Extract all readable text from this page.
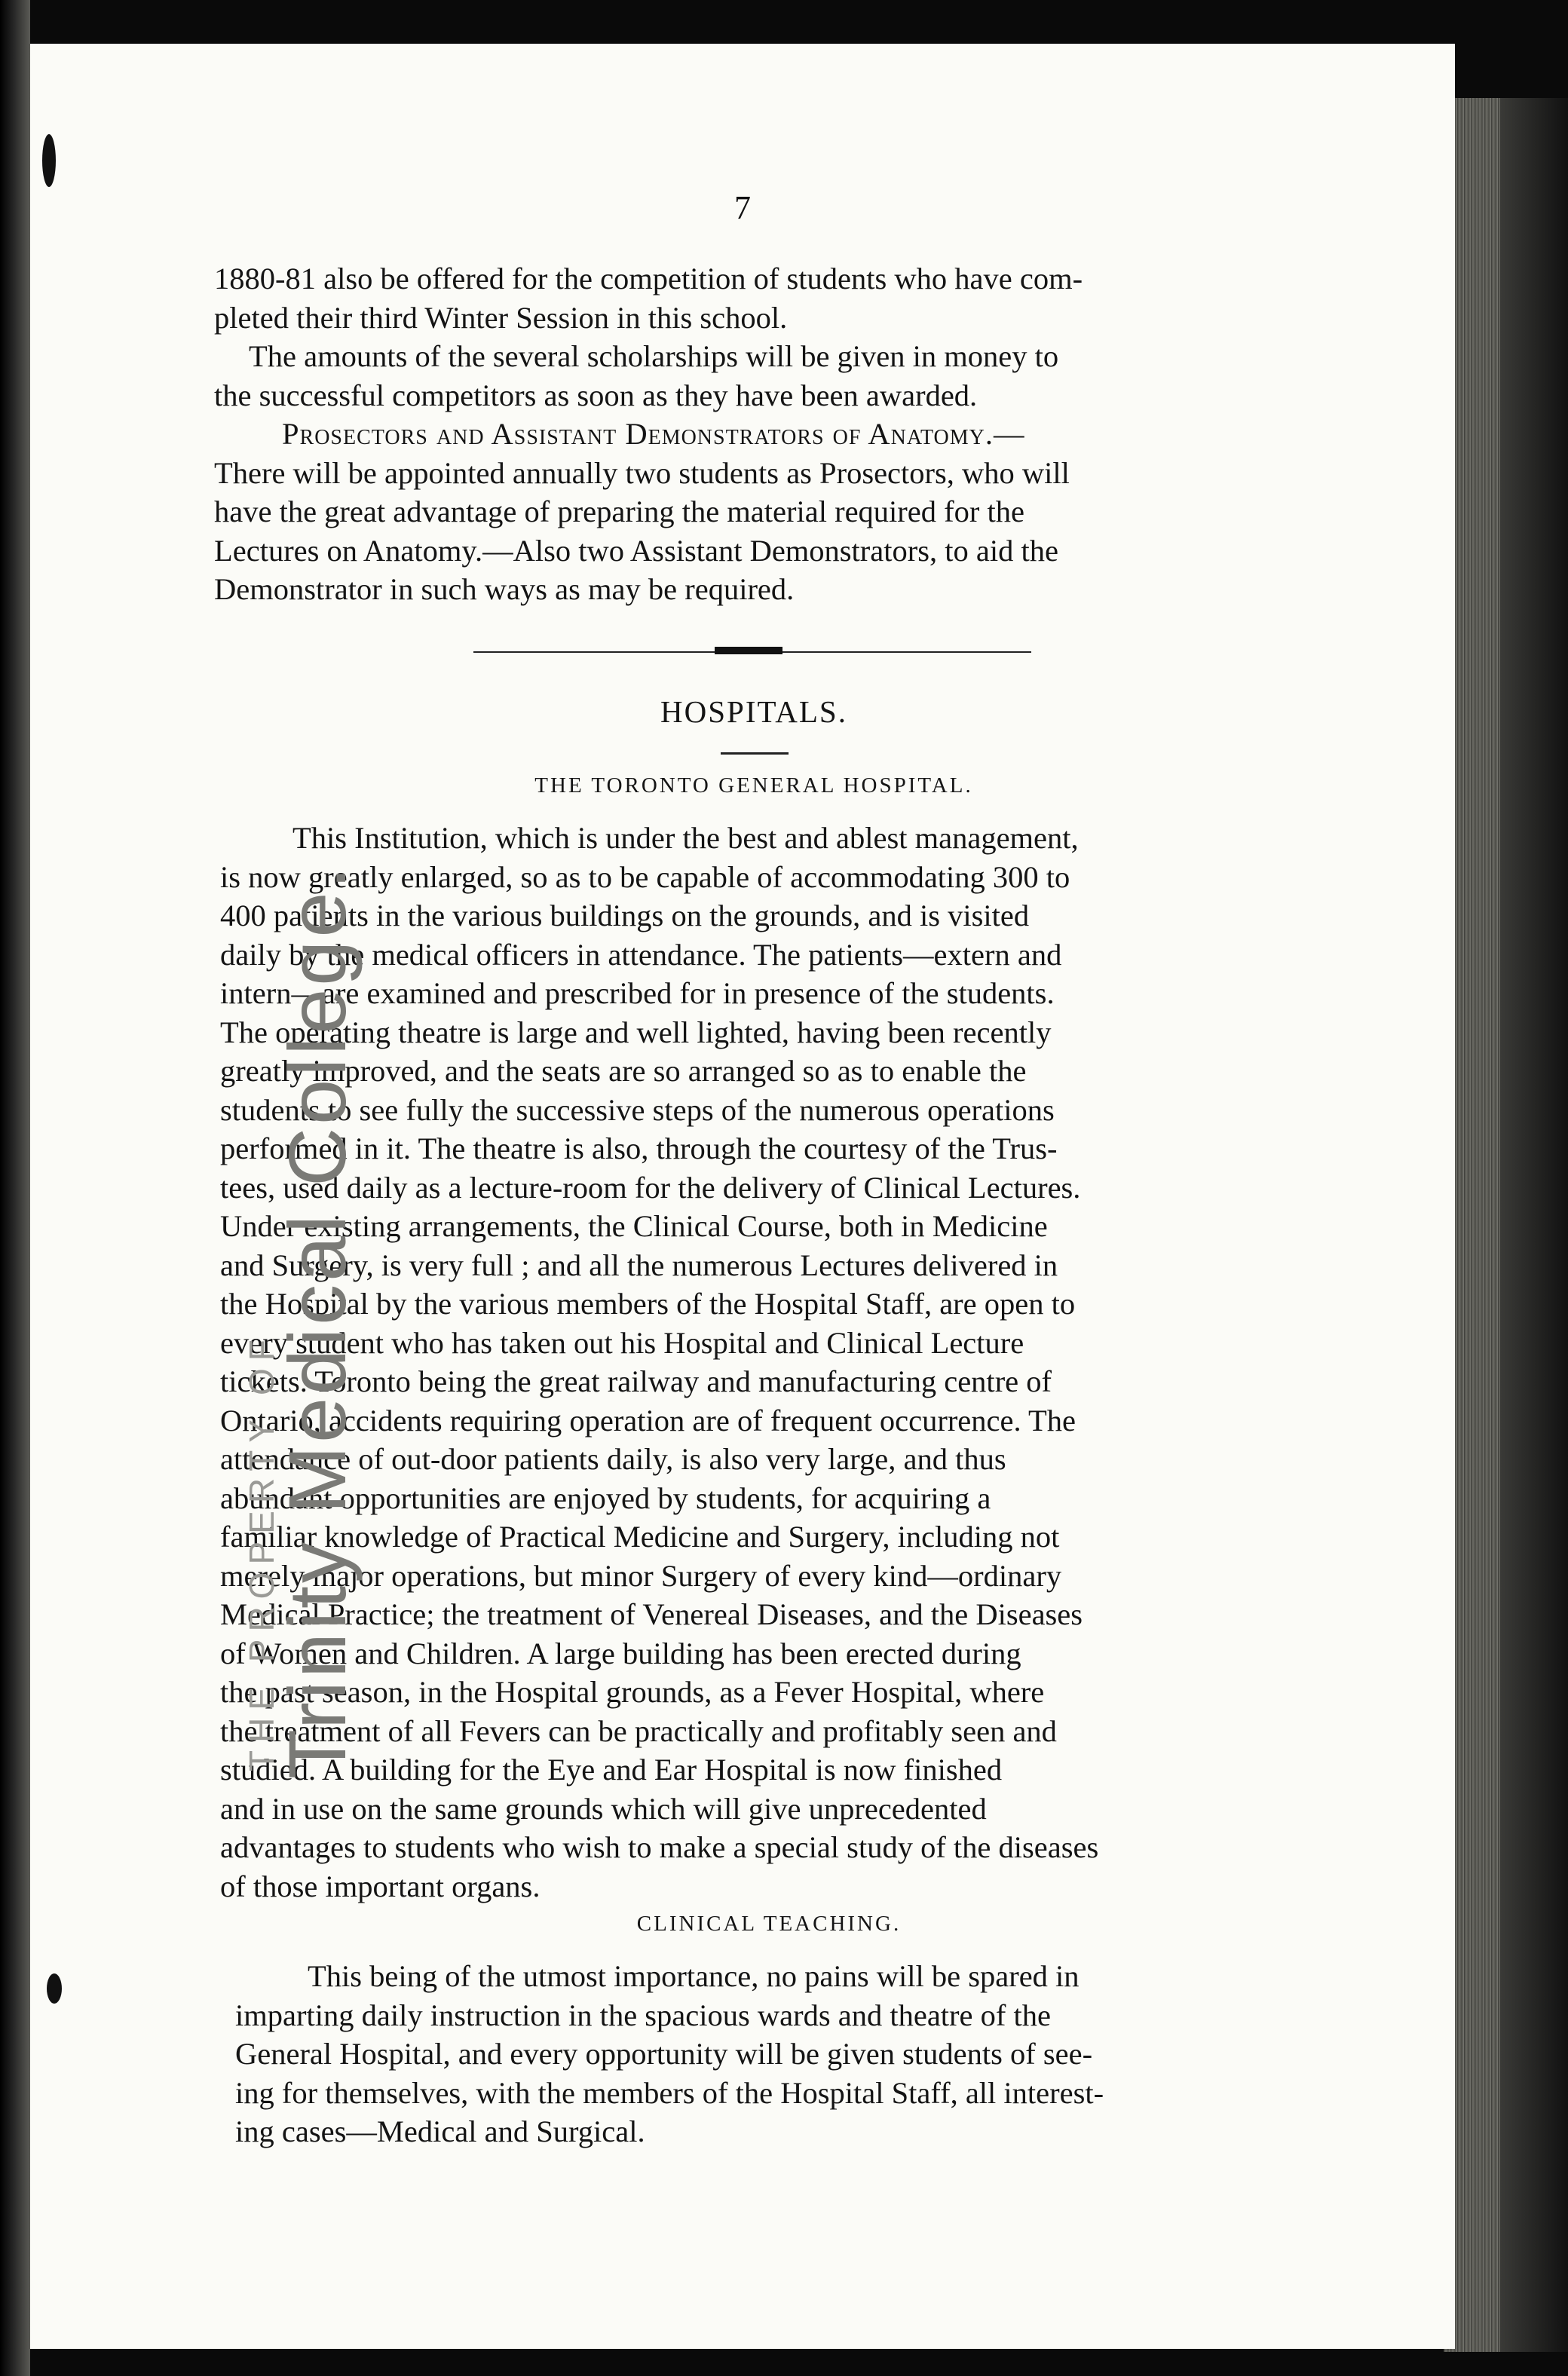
7

1880-81 also be offered for the competition of students who have com-
pleted their third Winter Session in this school.

The amounts of the several scholarships will be given in money to
the successful competitors as soon as they have been awarded.

Prosectors and Assistant Demonstrators of Anatomy.—
There will be appointed annually two students as Prosectors, who will
have the great advantage of preparing the material required for the
Lectures on Anatomy.—Also two Assistant Demonstrators, to aid the
Demonstrator in such ways as may be required.

HOSPITALS.
THE TORONTO GENERAL HOSPITAL.

This Institution, which is under the best and ablest management,
is now greatly enlarged, so as to be capable of accommodating 300 to
400 patients in the various buildings on the grounds, and is visited
daily by the medical officers in attendance. The patients—extern and
intern—are examined and prescribed for in presence of the students.
The operating theatre is large and well lighted, having been recently
greatly improved, and the seats are so arranged so as to enable the
students to see fully the successive steps of the numerous operations
performed in it. The theatre is also, through the courtesy of the Trus-
tees, used daily as a lecture-room for the delivery of Clinical Lectures.
Under existing arrangements, the Clinical Course, both in Medicine
and Surgery, is very full ; and all the numerous Lectures delivered in
the Hospital by the various members of the Hospital Staff, are open to
every student who has taken out his Hospital and Clinical Lecture
tickets. Toronto being the great railway and manufacturing centre of
Ontario, accidents requiring operation are of frequent occurrence. The
attendance of out-door patients daily, is also very large, and thus
abundant opportunities are enjoyed by students, for acquiring a
familiar knowledge of Practical Medicine and Surgery, including not
merely major operations, but minor Surgery of every kind—ordinary
Medical Practice; the treatment of Venereal Diseases, and the Diseases
of Women and Children. A large building has been erected during
the past season, in the Hospital grounds, as a Fever Hospital, where
the treatment of all Fevers can be practically and profitably seen and
studied. A building for the Eye and Ear Hospital is now finished
and in use on the same grounds which will give unprecedented
advantages to students who wish to make a special study of the diseases
of those important organs.

CLINICAL TEACHING.

This being of the utmost importance, no pains will be spared in
imparting daily instruction in the spacious wards and theatre of the
General Hospital, and every opportunity will be given students of see-
ing for themselves, with the members of the Hospital Staff, all interest-
ing cases—Medical and Surgical.

THE PROPERTY OF
Trinity Medical College.
